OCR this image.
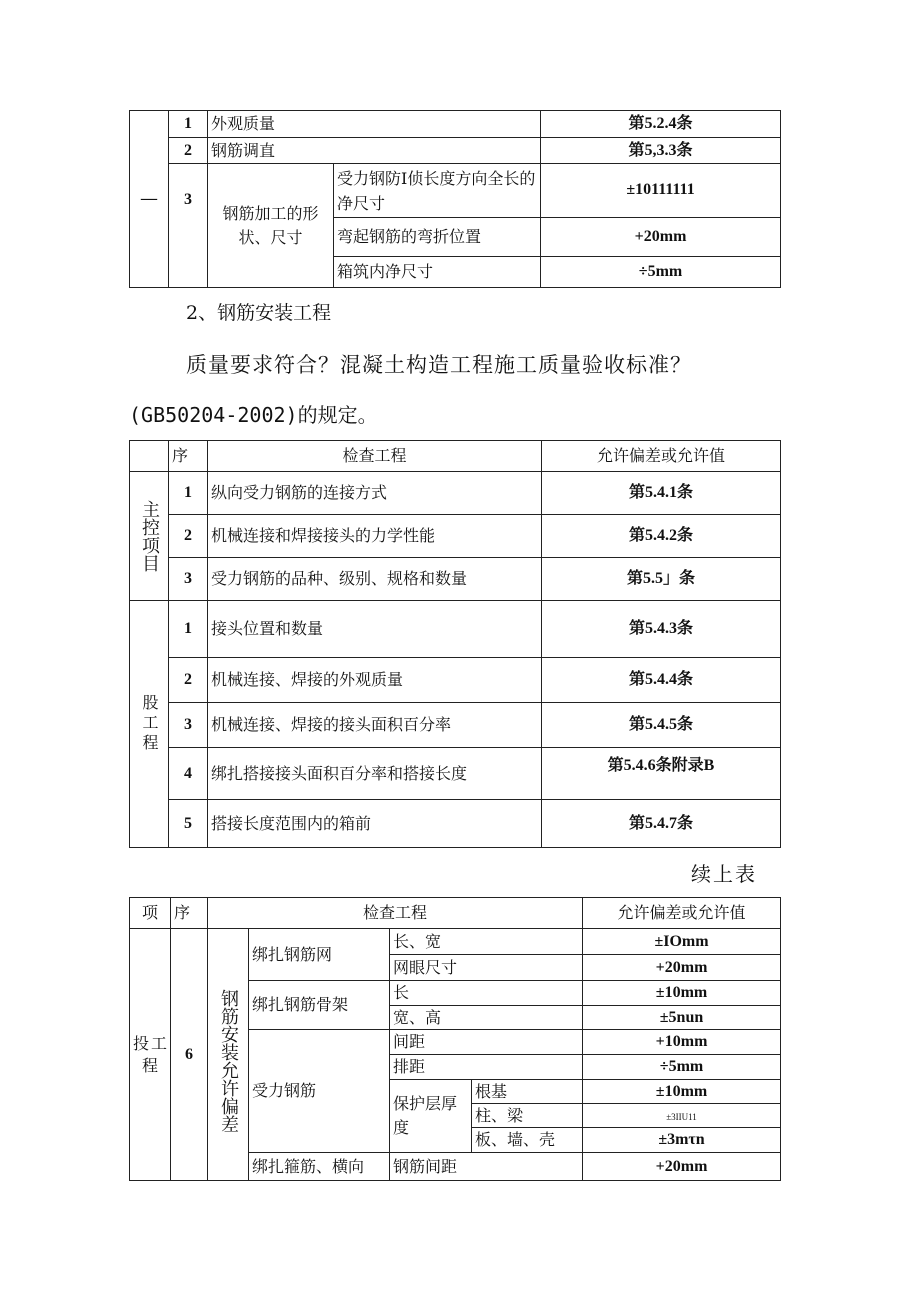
—	1	外观质量		第5.2.4条
	2	钢筋调直		第5,3.3条
	3	钢筋加工的形状、尺寸	受力钢防I侦长度方向全长的净尺寸	±10111111
			弯起钢筋的弯折位置	+20mm
			箱筑内净尺寸	÷5mm
2、钢筋安装工程
质量要求符合？混凝土构造工程施工质量验收标准？
(GB50204-2002)的规定。
	序	检查工程	允许偏差或允许值

主控项目	1	纵向受力钢筋的连接方式	第5.4.1条
	2	机械连接和焊接接头的力学性能	第5.4.2条
	3	受力钢筋的品种、级别、规格和数量	第5.5」条

股工程	1	接头位置和数量	第5.4.3条
	2	机械连接、焊接的外观质量	第5.4.4条
	3	机械连接、焊接的接头面积百分率	第5.4.5条
	4	绑扎搭接接头面积百分率和搭接长度	第5.4.6条附录B
	5	搭接长度范围内的箱前	第5.4.7条
续上表
项	序	检查工程				允许偏差或允许值

投工程	6	钢筋安装允许偏差	绑扎钢筋网	长、宽		±IOmm
				网眼尺寸		+20mm
			绑扎钢筋骨架	长		±10mm
				宽、高		±5nun
			受力钢筋	间距		+10mm
				排距		÷5mm

				保护层厚度	根基	±10mm
					柱、梁	±3IIU11
					板、墙、壳	±3mτn
			绑扎箍筋、横向	钢筋间距		+20mm
